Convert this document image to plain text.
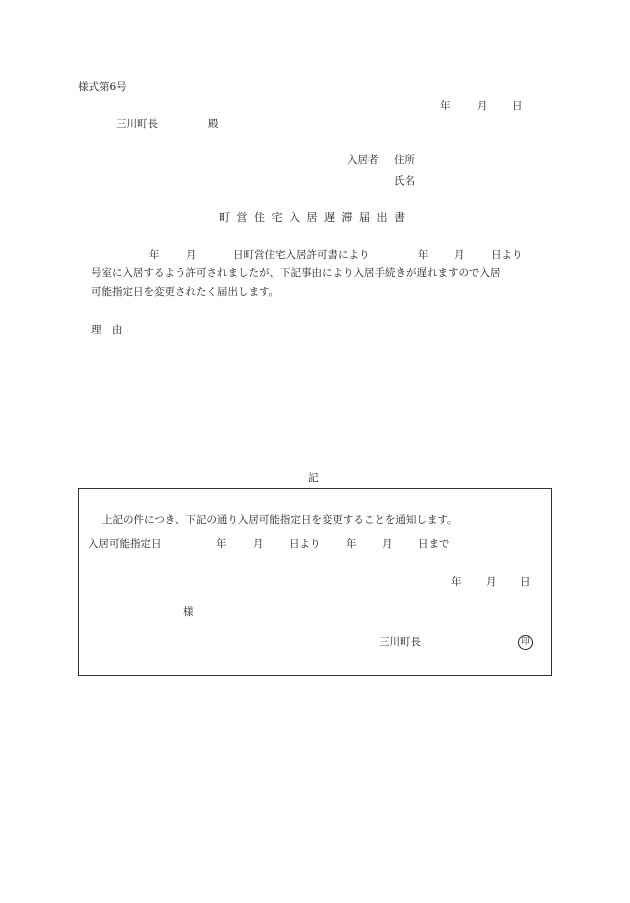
様式第6号
年	月 日
三川町長	殿
入居者 住所
氏名
町営住宅入居遅滞届出書
年	月	日町営住宅入居許可書により	年 月	日より
号室に入居するよう許可されましたが、下記事由により入居手続きが遅れますので入居
可能指定日を変更されたく届出します。
理　由
記
上記の件につき、下記の通り入居可能指定日を変更することを通知します。
入居可能指定日	年	月 日より 年 月 日まで
年 月 日
様
三川町長	印
